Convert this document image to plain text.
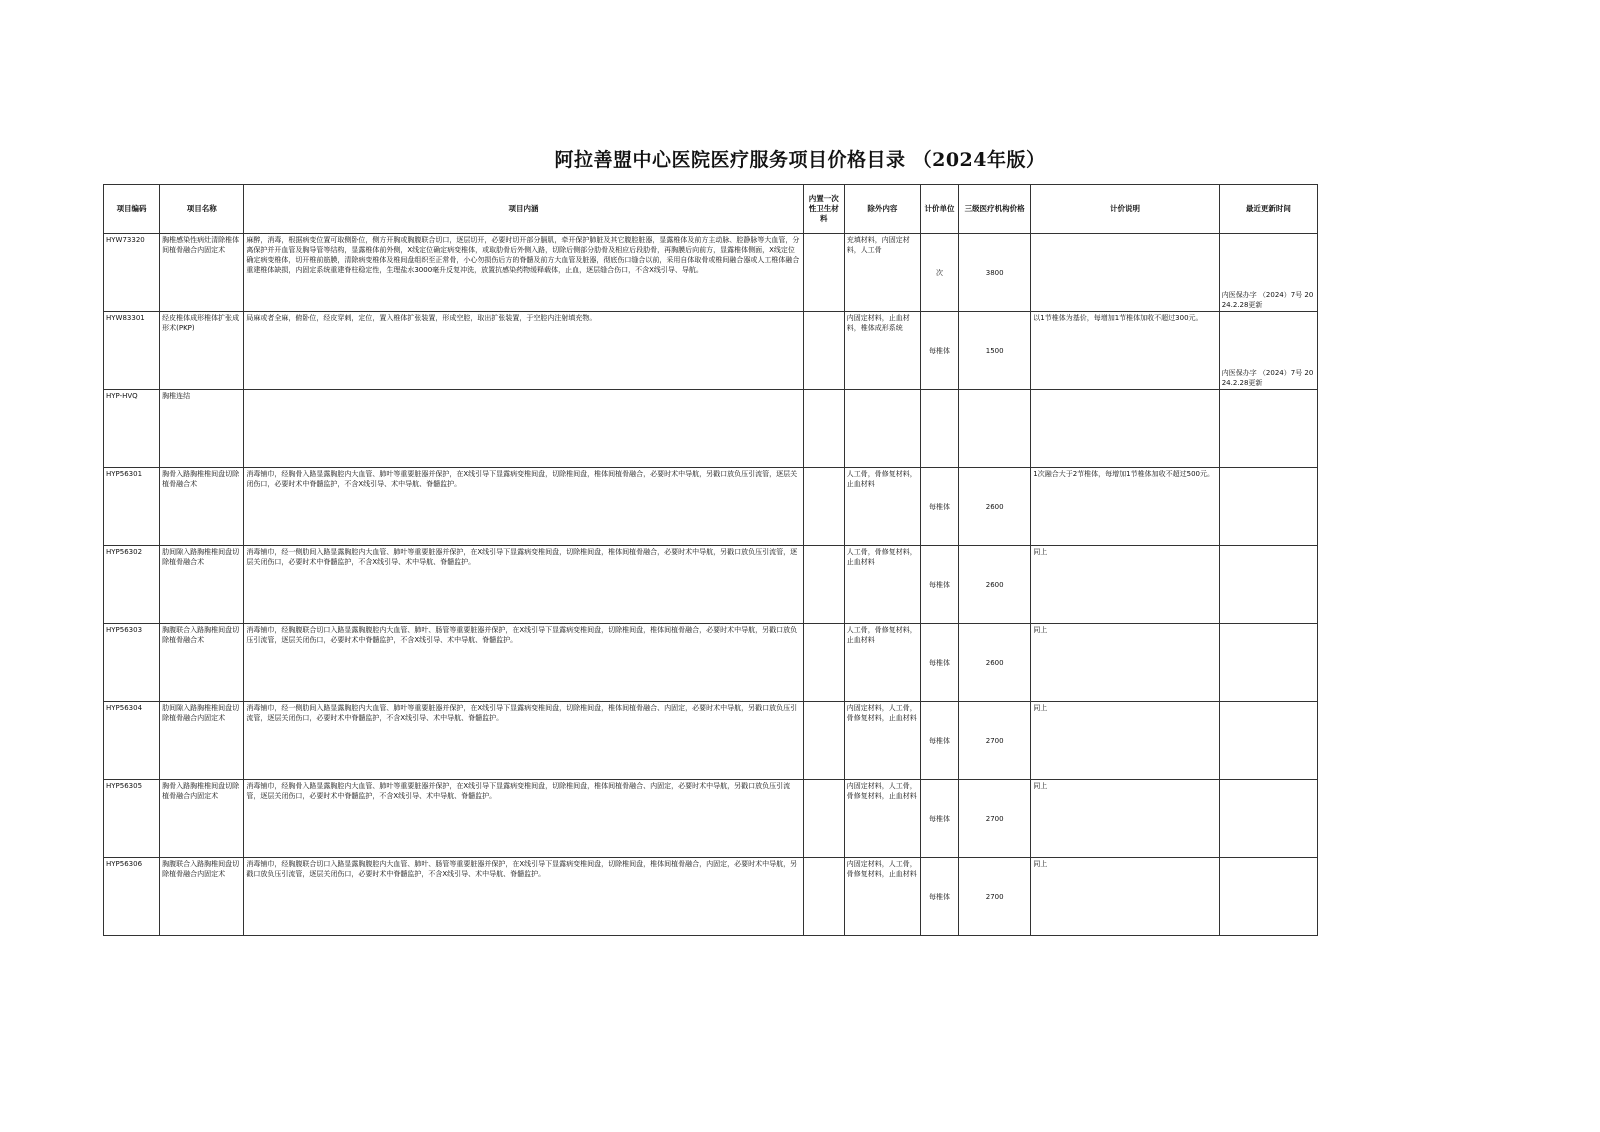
阿拉善盟中心医院医疗服务项目价格目录 （2024年版）
项目编码	项目名称	项目内涵	内置一次性卫生材料	除外内容	计价单位	三级医疗机构价格	计价说明	最近更新时间
HYW73320	胸椎感染性病灶清除椎体间植骨融合内固定术	麻醉，消毒，根据病变位置可取侧卧位，侧方开胸或胸腹联合切口，逐层切开，必要时切开部分膈肌，牵开保护肺脏及其它腹腔脏器，显露椎体及前方主动脉、腔静脉等大血管，分离保护并开血管及胸导管等结构，显露椎体前外侧，X线定位确定病变椎体，或取肋骨后外侧入路，切除后侧部分肋骨及相应后段肋骨，再胸膜后向前方，显露椎体侧面，X线定位确定病变椎体，切开椎前筋膜，清除病变椎体及椎间盘组织至正常骨，小心勿损伤后方的脊髓及前方大血管及脏器，彻底伤口缝合以前，采用自体取骨或椎间融合器或人工椎体融合重建椎体缺损，内固定系统重建脊柱稳定性，生理盐水3000毫升反复冲洗，放置抗感染药物缓释载体，止血，逐层缝合伤口，不含X线引导、导航。		充填材料，内固定材料，人工骨	次	3800		内医保办字 （2024）7号 2024.2.28更新
HYW83301	经皮椎体成形椎体扩张成形术(PKP)	局麻或者全麻，俯卧位，经皮穿刺，定位，置入椎体扩张装置，形成空腔，取出扩张装置，于空腔内注射填充物。		内固定材料，止血材料，椎体成形系统	每椎体	1500	以1节椎体为基价，每增加1节椎体加收不超过300元。	内医保办字 （2024）7号 2024.2.28更新
HYP-HVQ	胸椎连结							
HYP56301	胸骨入路胸椎椎间盘切除植骨融合术	消毒铺巾，经胸骨入路显露胸腔内大血管、肺叶等重要脏器并保护，在X线引导下显露病变椎间盘，切除椎间盘，椎体间植骨融合，必要时术中导航，另戳口放负压引流管，逐层关闭伤口，必要时术中脊髓监护，不含X线引导、术中导航、脊髓监护。		人工骨，骨修复材料，止血材料	每椎体	2600	1次融合大于2节椎体，每增加1节椎体加收不超过500元。	
HYP56302	肋间隙入路胸椎椎间盘切除植骨融合术	消毒铺巾，经一侧肋间入路显露胸腔内大血管、肺叶等重要脏器并保护，在X线引导下显露病变椎间盘，切除椎间盘，椎体间植骨融合，必要时术中导航，另戳口放负压引流管，逐层关闭伤口，必要时术中脊髓监护，不含X线引导、术中导航、脊髓监护。		人工骨，骨修复材料，止血材料	每椎体	2600	同上	
HYP56303	胸腹联合入路胸椎间盘切除植骨融合术	消毒铺巾，经胸腹联合切口入路显露胸腹腔内大血管、肺叶、肠管等重要脏器并保护，在X线引导下显露病变椎间盘，切除椎间盘，椎体间植骨融合，必要时术中导航，另戳口放负压引流管，逐层关闭伤口，必要时术中脊髓监护，不含X线引导、术中导航、脊髓监护。		人工骨，骨修复材料，止血材料	每椎体	2600	同上	
HYP56304	肋间隙入路胸椎椎间盘切除植骨融合内固定术	消毒铺巾，经一侧肋间入路显露胸腔内大血管、肺叶等重要脏器并保护，在X线引导下显露病变椎间盘，切除椎间盘，椎体间植骨融合、内固定，必要时术中导航，另戳口放负压引流管，逐层关闭伤口，必要时术中脊髓监护，不含X线引导、术中导航、脊髓监护。		内固定材料，人工骨，骨修复材料，止血材料	每椎体	2700	同上	
HYP56305	胸骨入路胸椎椎间盘切除植骨融合内固定术	消毒铺巾，经胸骨入路显露胸腔内大血管、肺叶等重要脏器并保护，在X线引导下显露病变椎间盘，切除椎间盘，椎体间植骨融合、内固定，必要时术中导航，另戳口放负压引流管，逐层关闭伤口，必要时术中脊髓监护，不含X线引导、术中导航、脊髓监护。		内固定材料，人工骨，骨修复材料，止血材料	每椎体	2700	同上	
HYP56306	胸腹联合入路胸椎间盘切除植骨融合内固定术	消毒铺巾，经胸腹联合切口入路显露胸腹腔内大血管、肺叶、肠管等重要脏器并保护，在X线引导下显露病变椎间盘，切除椎间盘，椎体间植骨融合，内固定，必要时术中导航，另戳口放负压引流管，逐层关闭伤口，必要时术中脊髓监护，不含X线引导、术中导航、脊髓监护。		内固定材料，人工骨，骨修复材料，止血材料	每椎体	2700	同上	
